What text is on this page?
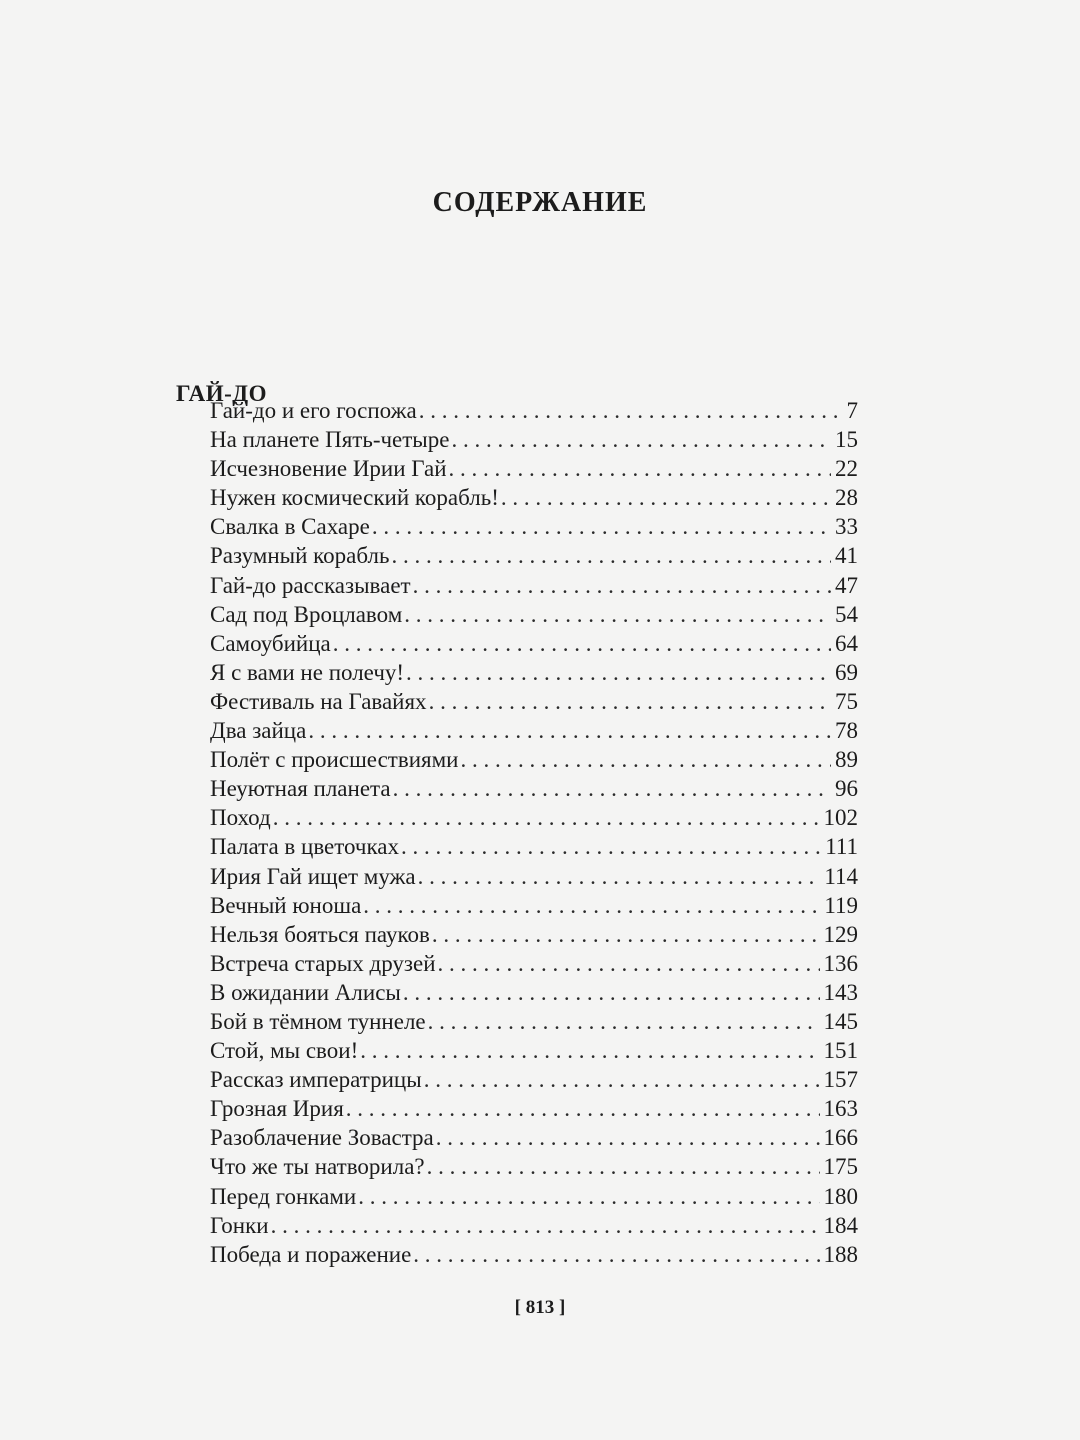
СОДЕРЖАНИЕ
ГАЙ-ДО
Гай-до и его госпожа . . .	7
На планете Пять-четыре . . .	15
Исчезновение Ирии Гай . . .	22
Нужен космический корабль! . . .	28
Свалка в Сахаре . . .	33
Разумный корабль . . .	41
Гай-до рассказывает . . .	47
Сад под Вроцлавом . . .	54
Самоубийца . . .	64
Я с вами не полечу! . . .	69
Фестиваль на Гавайях . . .	75
Два зайца . . .	78
Полёт с происшествиями . . .	89
Неуютная планета . . .	96
Поход . . .	102
Палата в цветочках . . .	111
Ирия Гай ищет мужа . . .	114
Вечный юноша . . .	119
Нельзя бояться пауков . . .	129
Встреча старых друзей . . .	136
В ожидании Алисы . . .	143
Бой в тёмном туннеле . . .	145
Стой, мы свои! . . .	151
Рассказ императрицы . . .	157
Грозная Ирия . . .	163
Разоблачение Зовастра . . .	166
Что же ты натворила? . . .	175
Перед гонками . . .	180
Гонки . . .	184
Победа и поражение . . .	188
[ 813 ]
